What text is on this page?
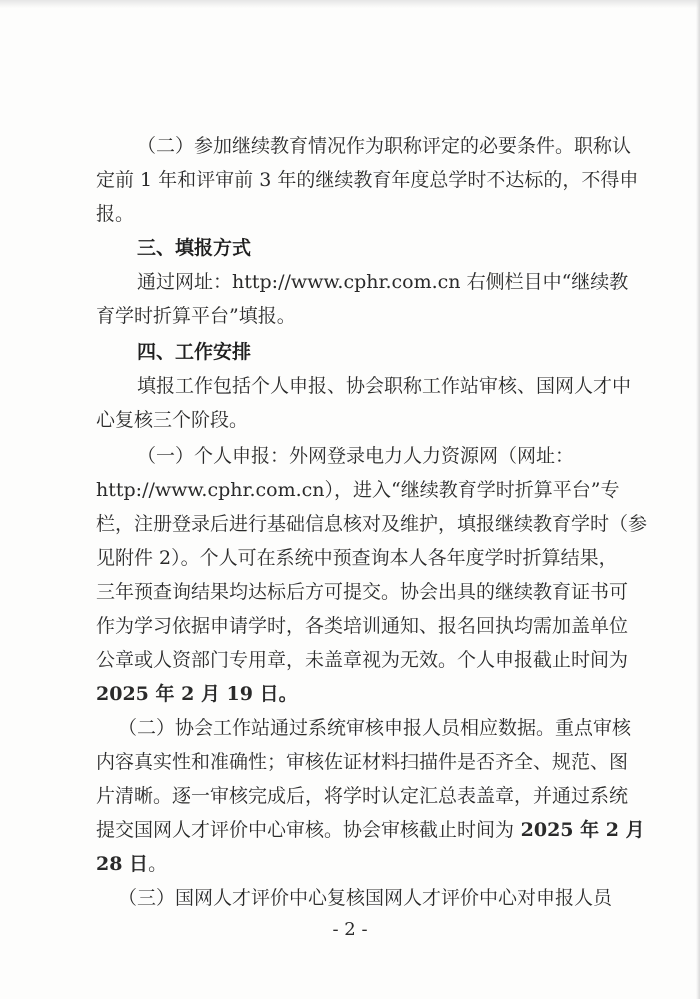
（二）参加继续教育情况作为职称评定的必要条件。职称认

定前 1 年和评审前 3 年的继续教育年度总学时不达标的，不得申

报。

三、填报方式

通过网址：http://www.cphr.com.cn 右侧栏目中“继续教

育学时折算平台”填报。

四、工作安排

填报工作包括个人申报、协会职称工作站审核、国网人才中

心复核三个阶段。

（一）个人申报：外网登录电力人力资源网（网址：

http://www.cphr.com.cn），进入“继续教育学时折算平台”专

栏，注册登录后进行基础信息核对及维护，填报继续教育学时（参

见附件 2）。个人可在系统中预查询本人各年度学时折算结果，

三年预查询结果均达标后方可提交。协会出具的继续教育证书可

作为学习依据申请学时，各类培训通知、报名回执均需加盖单位

公章或人资部门专用章，未盖章视为无效。个人申报截止时间为

2025 年 2 月 19 日。

（二）协会工作站通过系统审核申报人员相应数据。重点审核

内容真实性和准确性；审核佐证材料扫描件是否齐全、规范、图

片清晰。逐一审核完成后，将学时认定汇总表盖章，并通过系统

提交国网人才评价中心审核。协会审核截止时间为 2025 年 2 月

28 日。

（三）国网人才评价中心复核国网人才评价中心对申报人员

- 2 -
